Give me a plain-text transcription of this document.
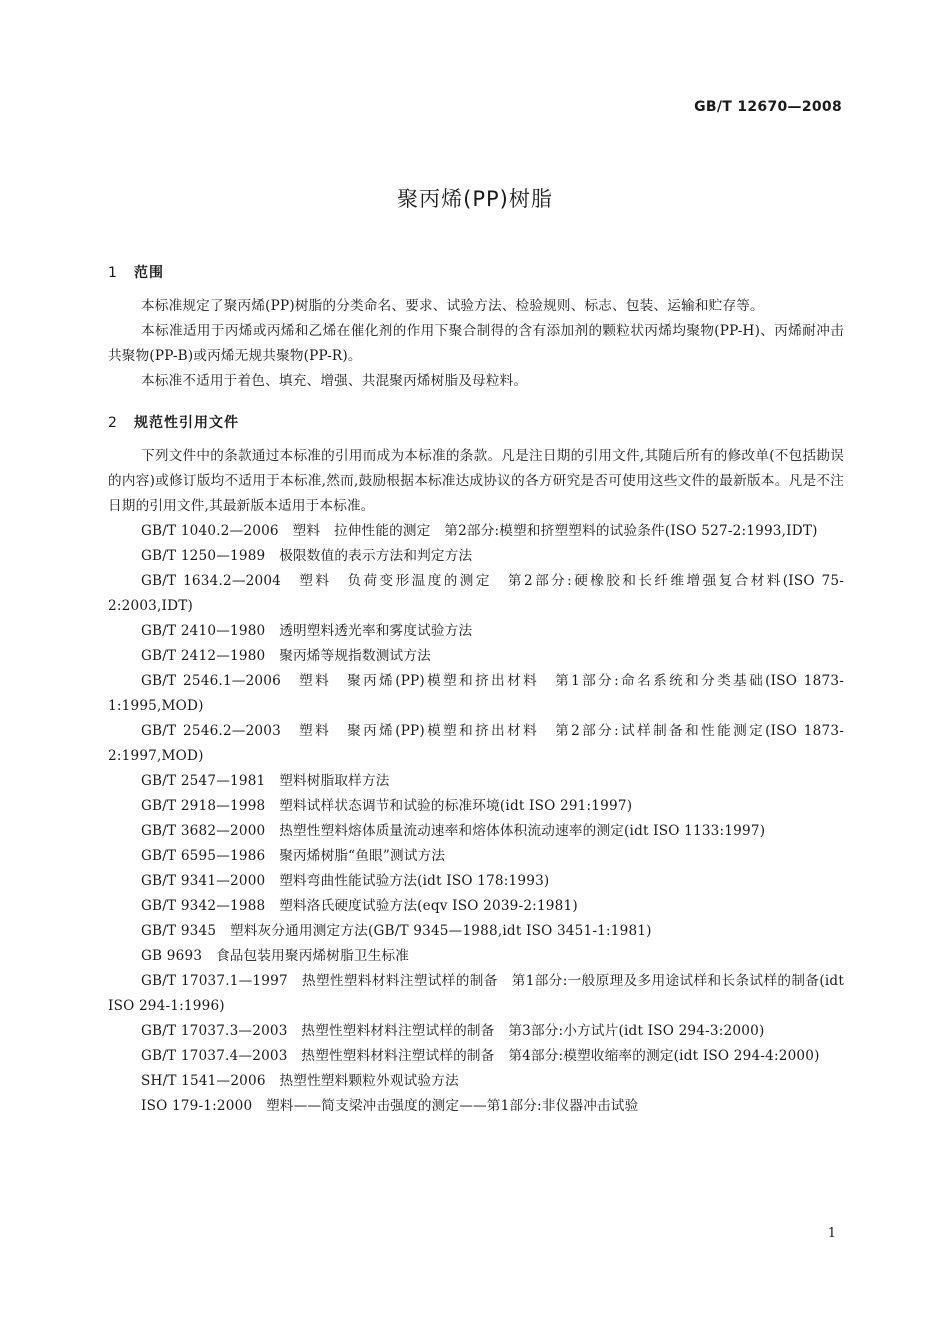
GB/T 12670—2008
聚丙烯(PP)树脂
1 范围

本标准规定了聚丙烯(PP)树脂的分类命名、要求、试验方法、检验规则、标志、包装、运输和贮存等。

本标准适用于丙烯或丙烯和乙烯在催化剂的作用下聚合制得的含有添加剂的颗粒状丙烯均聚物(PP-H)、丙烯耐冲击共聚物(PP-B)或丙烯无规共聚物(PP-R)。

本标准不适用于着色、填充、增强、共混聚丙烯树脂及母粒料。

2 规范性引用文件

下列文件中的条款通过本标准的引用而成为本标准的条款。凡是注日期的引用文件,其随后所有的修改单(不包括勘误的内容)或修订版均不适用于本标准,然而,鼓励根据本标准达成协议的各方研究是否可使用这些文件的最新版本。凡是不注日期的引用文件,其最新版本适用于本标准。

GB/T 1040.2—2006　塑料　拉伸性能的测定　第2部分:模塑和挤塑塑料的试验条件(ISO 527-2:1993,IDT)

GB/T 1250—1989　极限数值的表示方法和判定方法

GB/T 1634.2—2004　塑料　负荷变形温度的测定　第2部分:硬橡胶和长纤维增强复合材料(ISO 75-2:2003,IDT)

GB/T 2410—1980　透明塑料透光率和雾度试验方法

GB/T 2412—1980　聚丙烯等规指数测试方法

GB/T 2546.1—2006　塑料　聚丙烯(PP)模塑和挤出材料　第1部分:命名系统和分类基础(ISO 1873-1:1995,MOD)

GB/T 2546.2—2003　塑料　聚丙烯(PP)模塑和挤出材料　第2部分:试样制备和性能测定(ISO 1873-2:1997,MOD)

GB/T 2547—1981　塑料树脂取样方法

GB/T 2918—1998　塑料试样状态调节和试验的标准环境(idt ISO 291:1997)

GB/T 3682—2000　热塑性塑料熔体质量流动速率和熔体体积流动速率的测定(idt ISO 1133:1997)

GB/T 6595—1986　聚丙烯树脂“鱼眼”测试方法

GB/T 9341—2000　塑料弯曲性能试验方法(idt ISO 178:1993)

GB/T 9342—1988　塑料洛氏硬度试验方法(eqv ISO 2039-2:1981)

GB/T 9345　塑料灰分通用测定方法(GB/T 9345—1988,idt ISO 3451-1:1981)

GB 9693　食品包装用聚丙烯树脂卫生标准

GB/T 17037.1—1997　热塑性塑料材料注塑试样的制备　第1部分:一般原理及多用途试样和长条试样的制备(idt ISO 294-1:1996)

GB/T 17037.3—2003　热塑性塑料材料注塑试样的制备　第3部分:小方试片(idt ISO 294-3:2000)

GB/T 17037.4—2003　热塑性塑料材料注塑试样的制备　第4部分:模塑收缩率的测定(idt ISO 294-4:2000)

SH/T 1541—2006　热塑性塑料颗粒外观试验方法

ISO 179-1:2000　塑料——简支梁冲击强度的测定——第1部分:非仪器冲击试验

1
